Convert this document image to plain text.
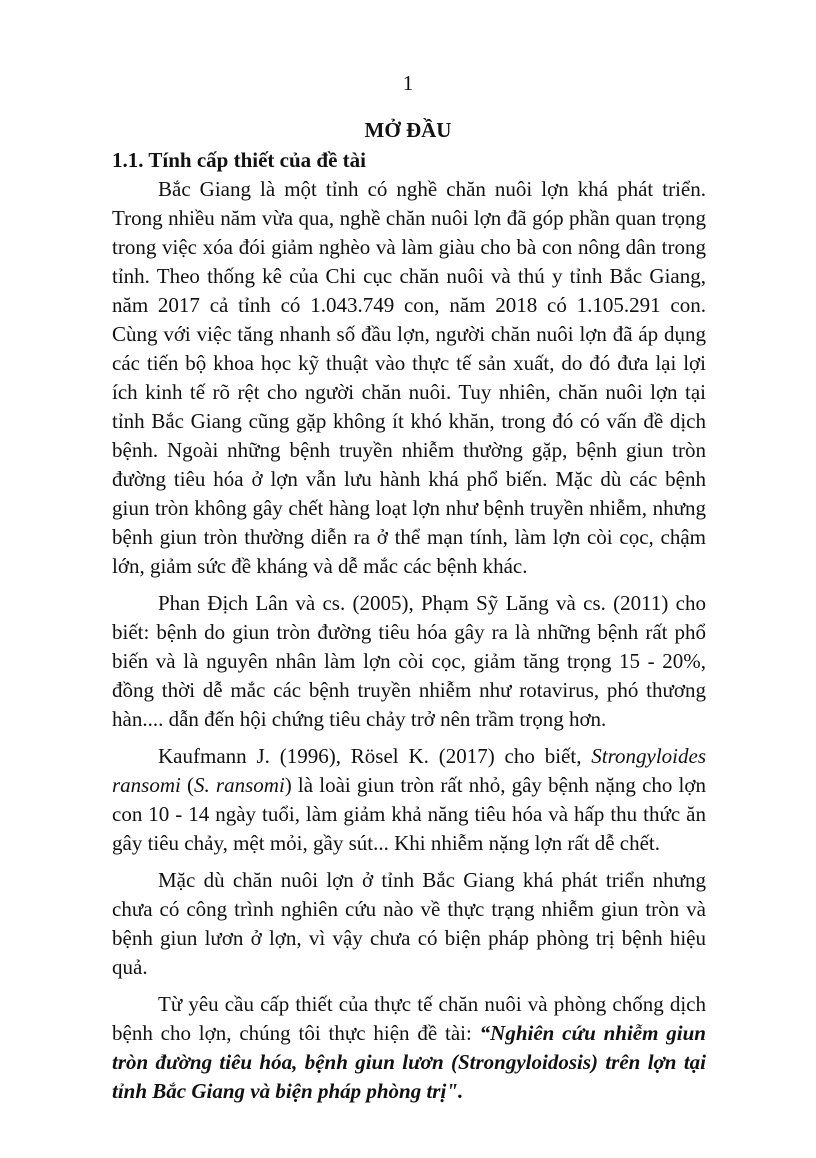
1
MỞ ĐẦU
1.1. Tính cấp thiết của đề tài

Bắc Giang là một tỉnh có nghề chăn nuôi lợn khá phát triển. Trong nhiều năm vừa qua, nghề chăn nuôi lợn đã góp phần quan trọng trong việc xóa đói giảm nghèo và làm giàu cho bà con nông dân trong tỉnh. Theo thống kê của Chi cục chăn nuôi và thú y tỉnh Bắc Giang, năm 2017 cả tỉnh có 1.043.749 con, năm 2018 có 1.105.291 con. Cùng với việc tăng nhanh số đầu lợn, người chăn nuôi lợn đã áp dụng các tiến bộ khoa học kỹ thuật vào thực tế sản xuất, do đó đưa lại lợi ích kinh tế rõ rệt cho người chăn nuôi. Tuy nhiên, chăn nuôi lợn tại tỉnh Bắc Giang cũng gặp không ít khó khăn, trong đó có vấn đề dịch bệnh. Ngoài những bệnh truyền nhiễm thường gặp, bệnh giun tròn đường tiêu hóa ở lợn vẫn lưu hành khá phổ biến. Mặc dù các bệnh giun tròn không gây chết hàng loạt lợn như bệnh truyền nhiễm, nhưng bệnh giun tròn thường diễn ra ở thể mạn tính, làm lợn còi cọc, chậm lớn, giảm sức đề kháng và dễ mắc các bệnh khác.

Phan Địch Lân và cs. (2005), Phạm Sỹ Lăng và cs. (2011) cho biết: bệnh do giun tròn đường tiêu hóa gây ra là những bệnh rất phổ biến và là nguyên nhân làm lợn còi cọc, giảm tăng trọng 15 - 20%, đồng thời dễ mắc các bệnh truyền nhiễm như rotavirus, phó thương hàn.... dẫn đến hội chứng tiêu chảy trở nên trầm trọng hơn.

Kaufmann J. (1996), Rösel K. (2017) cho biết, Strongyloides ransomi (S. ransomi) là loài giun tròn rất nhỏ, gây bệnh nặng cho lợn con 10 - 14 ngày tuổi, làm giảm khả năng tiêu hóa và hấp thu thức ăn gây tiêu chảy, mệt mỏi, gầy sút... Khi nhiễm nặng lợn rất dễ chết.

Mặc dù chăn nuôi lợn ở tỉnh Bắc Giang khá phát triển nhưng chưa có công trình nghiên cứu nào về thực trạng nhiễm giun tròn và bệnh giun lươn ở lợn, vì vậy chưa có biện pháp phòng trị bệnh hiệu quả.

Từ yêu cầu cấp thiết của thực tế chăn nuôi và phòng chống dịch bệnh cho lợn, chúng tôi thực hiện đề tài: “Nghiên cứu nhiễm giun tròn đường tiêu hóa, bệnh giun lươn (Strongyloidosis) trên lợn tại tỉnh Bắc Giang và biện pháp phòng trị".
